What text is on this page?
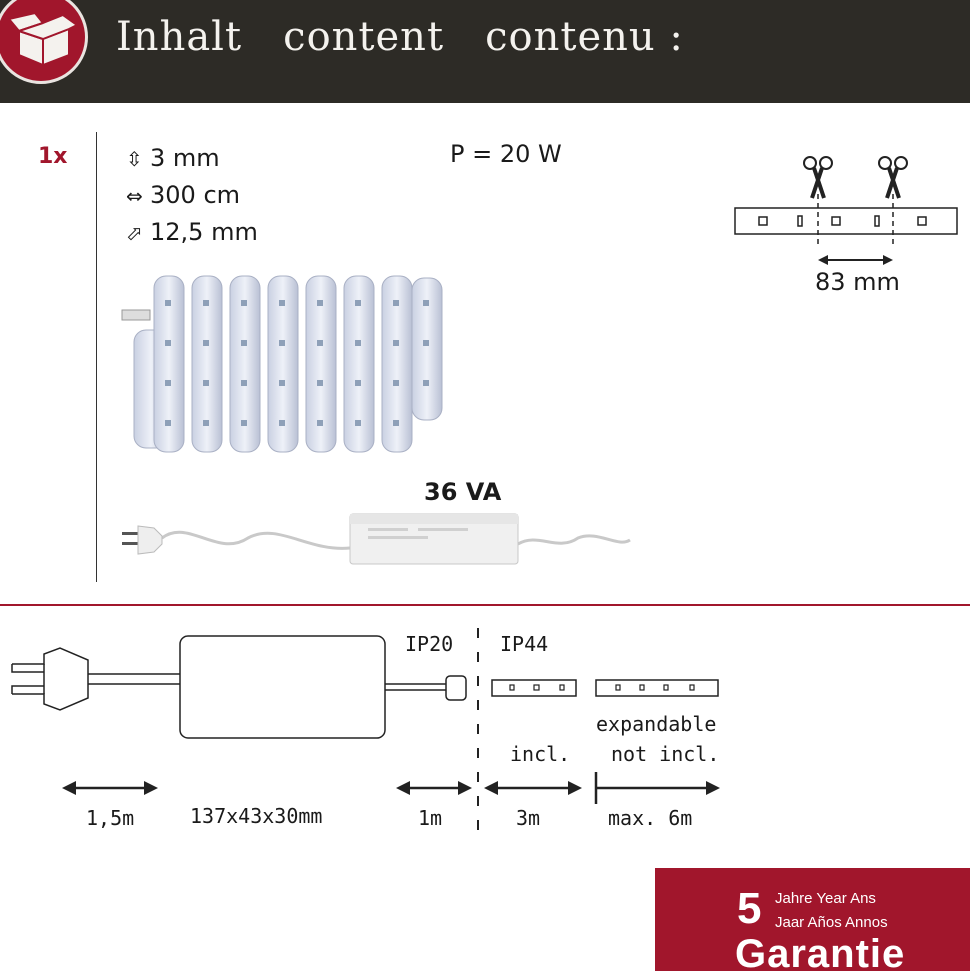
Inhalt   content   contenu :
1x	⇳ 3 mm
⇔ 300 cm
⬀ 12,5 mm
P = 20 W
36 VA
83 mm
IP20 IP44
incl.
expandable
not incl.
1,5m	137x43x30mm	1m	3m	max. 6m
5 Jahre Year Ans
Jaar Años Annos
Garantie
